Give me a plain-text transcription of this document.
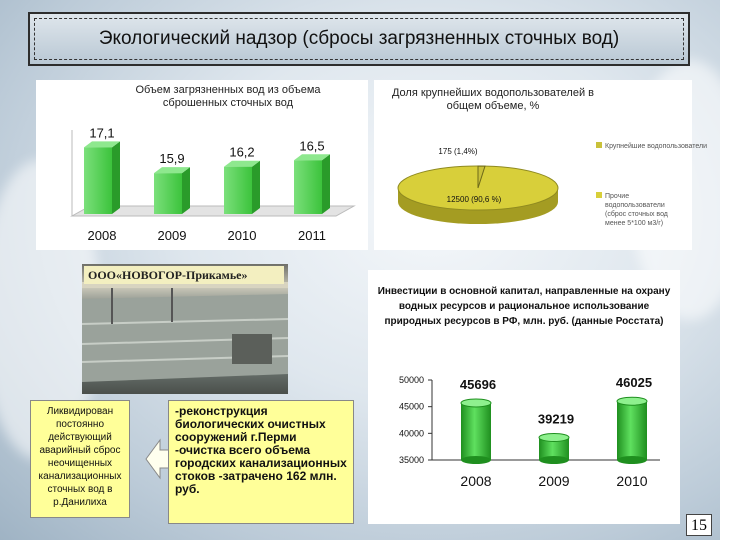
Экологический надзор (сбросы загрязненных сточных вод)
Объем загрязненных вод из объема сброшенных сточных вод
17,1
2008
15,9
2009
16,2
2010
16,5
2011
Доля крупнейших водопользователей в общем объеме, %
175 (1,4%)
12500 (90,6 %)
Крупнейшие водопользователи
Прочие водопользователи (сброс сточных вод менее 5*100 м3/г)
ООО«НОВОГОР-Прикамье»
Ликвидирован постоянно действующий аварийный сброс неочищенных канализационных сточных вод в р.Данилиха
-реконструкция биологических очистных сооружений г.Перми -очистка всего объема городских канализационных стоков -затрачено 162 млн. руб.
Инвестиции в основной капитал, направленные на охрану водных ресурсов и рациональное использование природных ресурсов в РФ, млн. руб. (данные Росстата)
35000
40000
45000
50000	45696
2008
39219
2009
46025
2010
15
